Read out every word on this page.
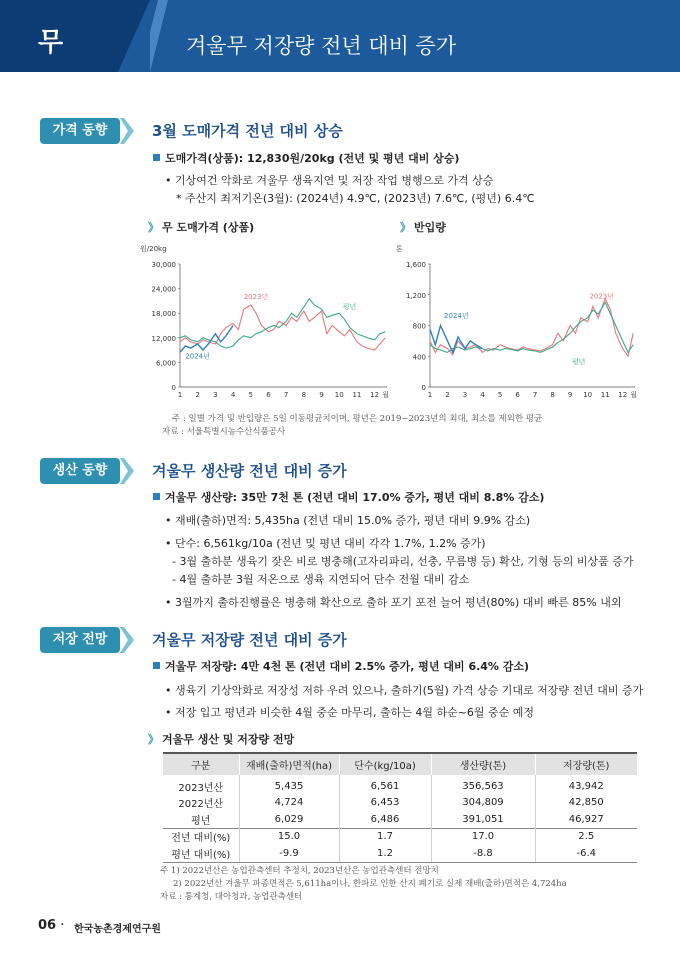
무	겨울무 저장량 전년 대비 증가
가격 동향	3월 도매가격 전년 대비 상승
도매가격(상품): 12,830원/20kg (전년 및 평년 대비 상승)
• 기상여건 악화로 겨울무 생육지연 및 저장 작업 병행으로 가격 상승
* 주산지 최저기온(3월): (2024년) 4.9℃, (2023년) 7.6℃, (평년) 6.4℃
》 무 도매가격 (상품)
원/20kg
0
6,000
12,000
18,000
24,000
30,000
1 2 3 4 5 6 7 8 9 10 11 12 월
2023년
평년
2024년
》 반입량
톤
0
400
800
1,200
1,600
1 2 3 4 5 6 7 8 9 10 11 12 월
2023년
평년
2024년
주 : 일별 가격 및 반입량은 5일 이동평균치이며, 평년은 2019~2023년의 최대, 최소를 제외한 평균
자료 : 서울특별시농수산식품공사
생산 동향	겨울무 생산량 전년 대비 증가
겨울무 생산량: 35만 7천 톤 (전년 대비 17.0% 증가, 평년 대비 8.8% 감소)
• 재배(출하)면적: 5,435ha (전년 대비 15.0% 증가, 평년 대비 9.9% 감소)
• 단수: 6,561kg/10a (전년 및 평년 대비 각각 1.7%, 1.2% 증가)
- 3월 출하분 생육기 잦은 비로 병충해(고자리파리, 선충, 무름병 등) 확산, 기형 등의 비상품 증가
- 4월 출하분 3월 저온으로 생육 지연되어 단수 전월 대비 감소
• 3월까지 출하진행률은 병충해 확산으로 출하 포기 포전 늘어 평년(80%) 대비 빠른 85% 내외
저장 전망	겨울무 저장량 전년 대비 증가
겨울무 저장량: 4만 4천 톤 (전년 대비 2.5% 증가, 평년 대비 6.4% 감소)
• 생육기 기상악화로 저장성 저하 우려 있으나, 출하기(5월) 가격 상승 기대로 저장량 전년 대비 증가
• 저장 입고 평년과 비슷한 4월 중순 마무리, 출하는 4월 하순~6월 중순 예정
》 겨울무 생산 및 저장량 전망
구분	재배(출하)면적(ha)	단수(kg/10a)	생산량(톤)	저장량(톤)
2023년산	5,435	6,561	356,563	43,942
2022년산	4,724	6,453	304,809	42,850
평년	6,029	6,486	391,051	46,927
전년 대비(%)	15.0	1.7	17.0	2.5
평년 대비(%)	-9.9	1.2	-8.8	-6.4
주 1) 2022년산은 농업관측센터 추정치, 2023년산은 농업관측센터 전망치
2) 2022년산 겨울무 파종면적은 5,611ha이나, 한파로 인한 산지 폐기로 실제 재배(출하)면적은 4,724ha
자료 : 통계청, 대아청과, 농업관측센터
06 · 한국농촌경제연구원
